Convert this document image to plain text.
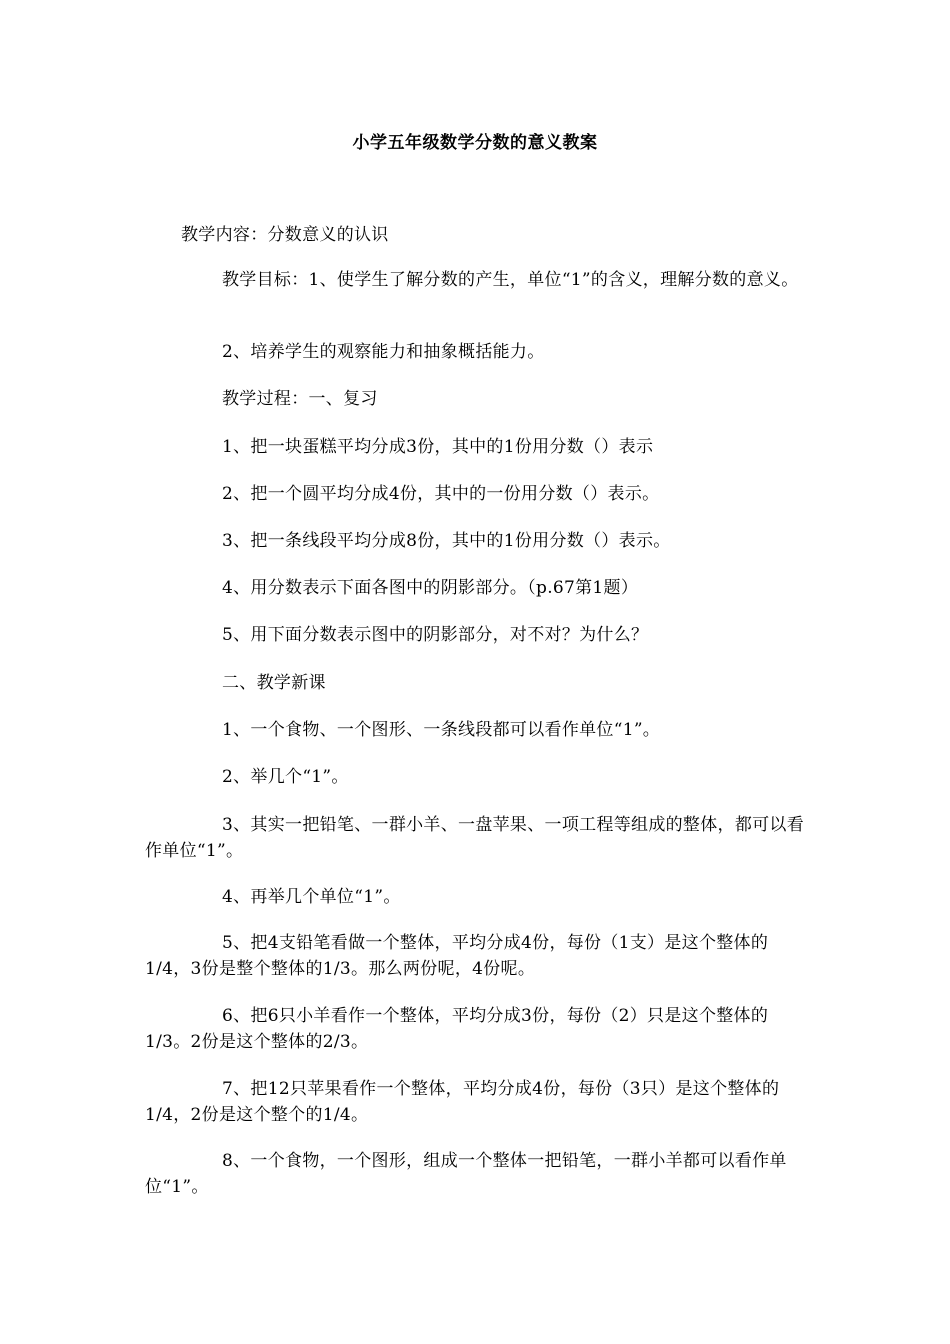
小学五年级数学分数的意义教案
教学内容：分数意义的认识
教学目标：1、使学生了解分数的产生，单位“1”的含义，理解分数的意义。
2、培养学生的观察能力和抽象概括能力。
教学过程：一、复习
1、把一块蛋糕平均分成3份，其中的1份用分数（）表示
2、把一个圆平均分成4份，其中的一份用分数（）表示。
3、把一条线段平均分成8份，其中的1份用分数（）表示。
4、用分数表示下面各图中的阴影部分。（p.67第1题）
5、用下面分数表示图中的阴影部分，对不对？为什么？
二、教学新课
1、一个食物、一个图形、一条线段都可以看作单位“1”。
2、举几个“1”。
3、其实一把铅笔、一群小羊、一盘苹果、一项工程等组成的整体，都可以看作单位“1”。
4、再举几个单位“1”。
5、把4支铅笔看做一个整体，平均分成4份，每份（1支）是这个整体的1/4，3份是整个整体的1/3。那么两份呢，4份呢。
6、把6只小羊看作一个整体，平均分成3份，每份（2）只是这个整体的1/3。2份是这个整体的2/3。
7、把12只苹果看作一个整体，平均分成4份，每份（3只）是这个整体的1/4，2份是这个整个的1/4。
8、一个食物，一个图形，组成一个整体一把铅笔，一群小羊都可以看作单位“1”。
